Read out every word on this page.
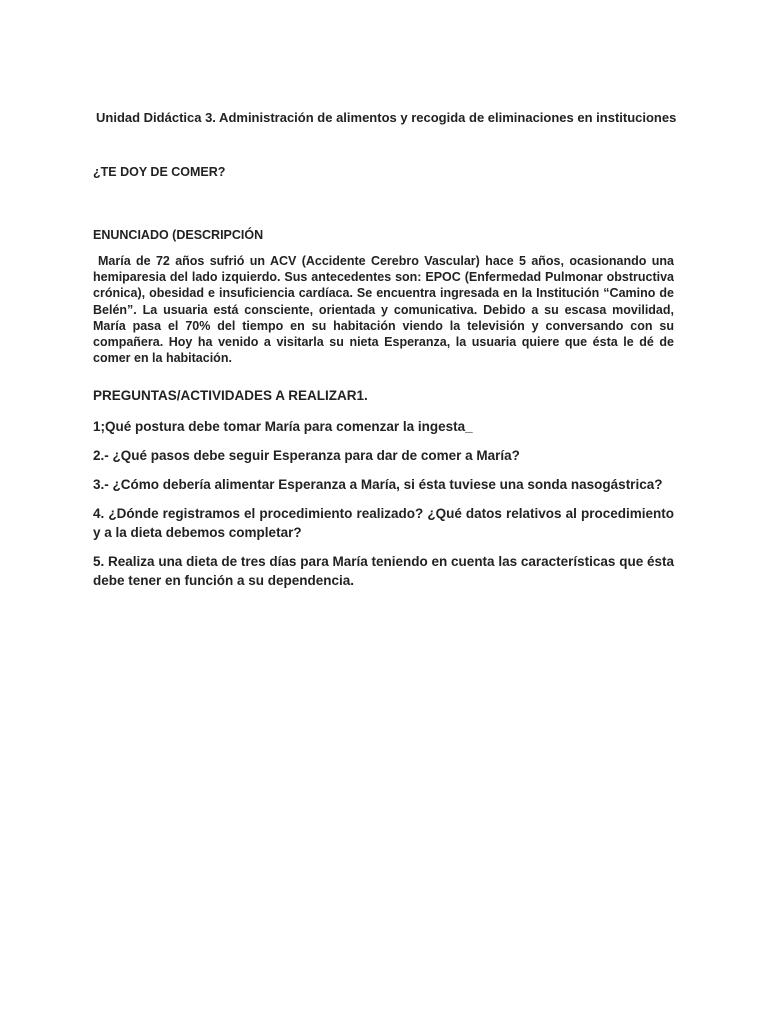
Unidad Didáctica 3. Administración de alimentos y recogida de eliminaciones en instituciones

¿TE DOY DE COMER?

ENUNCIADO (DESCRIPCIÓN

María de 72 años sufrió un ACV (Accidente Cerebro Vascular) hace 5 años, ocasionando una hemiparesia del lado izquierdo. Sus antecedentes son: EPOC (Enfermedad Pulmonar obstructiva crónica), obesidad e insuficiencia cardíaca. Se encuentra ingresada en la Institución “Camino de Belén”. La usuaria está consciente, orientada y comunicativa. Debido a su escasa movilidad, María pasa el 70% del tiempo en su habitación viendo la televisión y conversando con su compañera. Hoy ha venido a visitarla su nieta Esperanza, la usuaria quiere que ésta le dé de comer en la habitación.

PREGUNTAS/ACTIVIDADES A REALIZAR1.

1;Qué postura debe tomar María para comenzar la ingesta_

2.- ¿Qué pasos debe seguir Esperanza para dar de comer a María?

3.- ¿Cómo debería alimentar Esperanza a María, si ésta tuviese una sonda nasogástrica?

4. ¿Dónde registramos el procedimiento realizado? ¿Qué datos relativos al procedimiento y a la dieta debemos completar?

5. Realiza una dieta de tres días para María teniendo en cuenta las características que ésta debe tener en función a su dependencia.
